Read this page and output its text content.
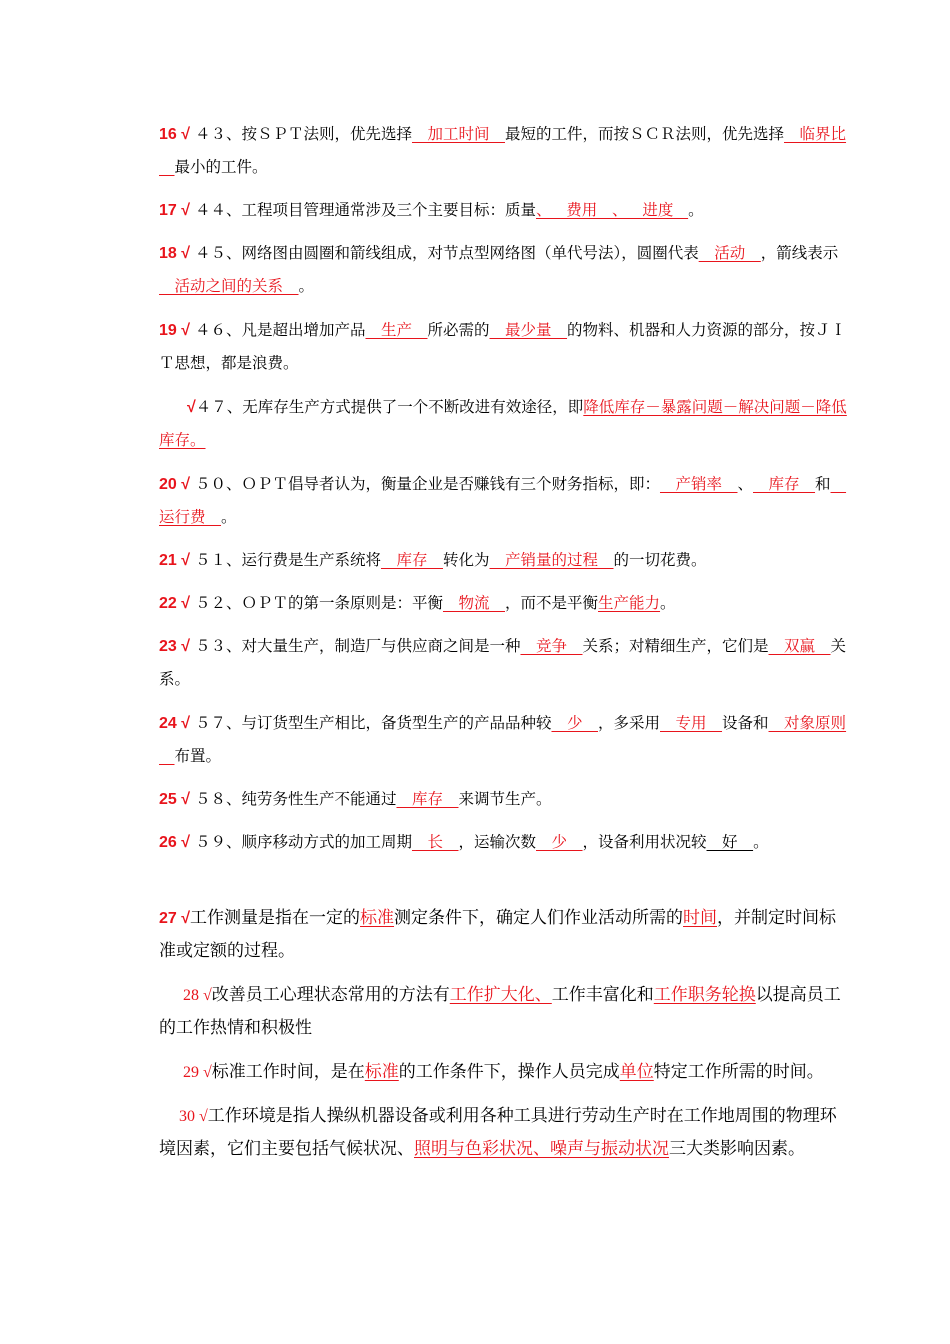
16 √ ４３、按ＳＰＴ法则，优先选择__加工时间__最短的工件，而按ＳＣＲ法则，优先选择__临界比__最小的工件。
17 √ ４４、工程项目管理通常涉及三个主要目标：质量、   费用   、   进度   。
18 √ ４５、网络图由圆圈和箭线组成，对节点型网络图（单代号法），圆圈代表__活动__，箭线表示__活动之间的关系__。
19 √ ４６、凡是超出增加产品__生产__所必需的__最少量__的物料、机器和人力资源的部分，按ＪＩＴ思想，都是浪费。
√４７、无库存生产方式提供了一个不断改进有效途径，即降低库存－暴露问题－解决问题－降低库存。
20 √ ５０、ＯＰＴ倡导者认为，衡量企业是否赚钱有三个财务指标，即：__产销率__、__库存__和__运行费__。
21 √ ５１、运行费是生产系统将__库存__转化为__产销量的过程__的一切花费。
22 √ ５２、ＯＰＴ的第一条原则是：平衡__物流__，而不是平衡生产能力。
23 √ ５３、对大量生产，制造厂与供应商之间是一种__竞争__关系；对精细生产，它们是__双赢__关系。
24 √ ５７、与订货型生产相比，备货型生产的产品品种较__少__，多采用__专用__设备和__对象原则__布置。
25 √ ５８、纯劳务性生产不能通过__库存__来调节生产。
26 √ ５９、顺序移动方式的加工周期__长__，运输次数__少__，设备利用状况较__好__。
27 √工作测量是指在一定的标准测定条件下，确定人们作业活动所需的时间，并制定时间标准或定额的过程。
28 √改善员工心理状态常用的方法有工作扩大化、工作丰富化和工作职务轮换以提高员工的工作热情和积极性
29 √标准工作时间，是在标准的工作条件下，操作人员完成单位特定工作所需的时间。
30 √工作环境是指人操纵机器设备或利用各种工具进行劳动生产时在工作地周围的物理环境因素，它们主要包括气候状况、照明与色彩状况、噪声与振动状况三大类影响因素。
